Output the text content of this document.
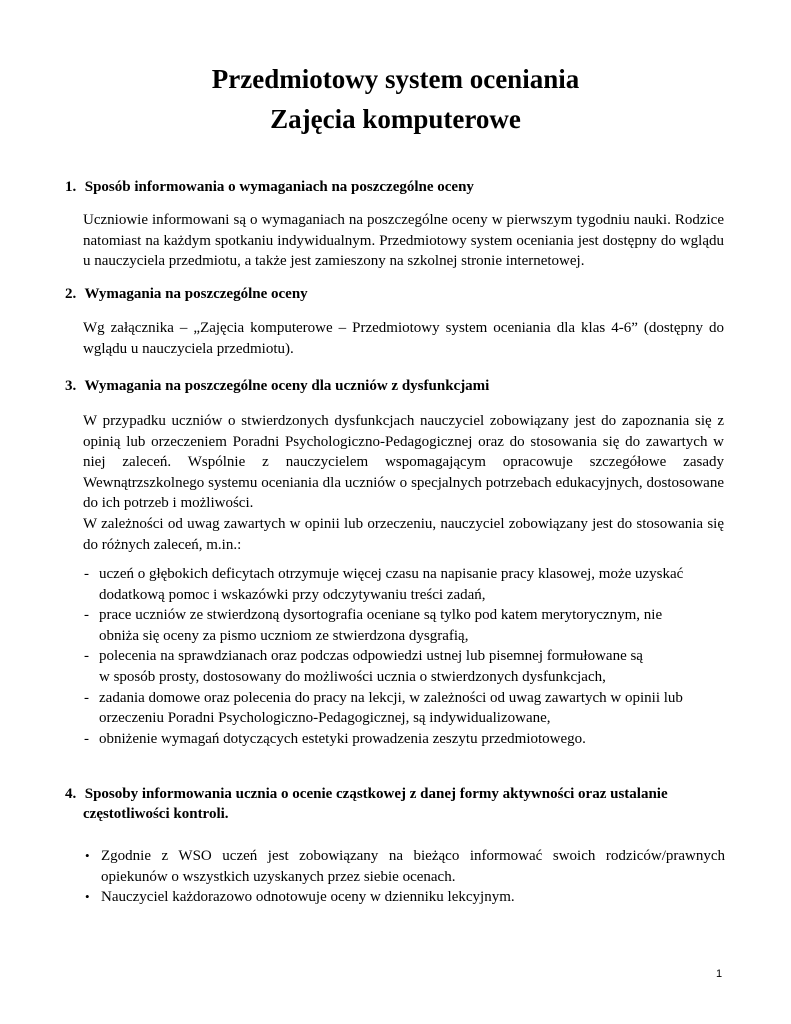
Przedmiotowy system oceniania
Zajęcia komputerowe
1. Sposób informowania o wymaganiach na poszczególne oceny

Uczniowie informowani są o wymaganiach na poszczególne oceny w pierwszym tygodniu nauki. Rodzice natomiast na każdym spotkaniu indywidualnym. Przedmiotowy system oceniania jest dostępny do wglądu u nauczyciela przedmiotu, a także jest zamieszony na szkolnej stronie internetowej.

2. Wymagania na poszczególne oceny

Wg załącznika – „Zajęcia komputerowe – Przedmiotowy system oceniania dla klas 4-6” (dostępny do wglądu u nauczyciela przedmiotu).

3. Wymagania na poszczególne oceny dla uczniów z dysfunkcjami

W przypadku uczniów o stwierdzonych dysfunkcjach nauczyciel zobowiązany jest do zapoznania się z opinią lub orzeczeniem Poradni Psychologiczno-Pedagogicznej oraz do stosowania się do zawartych w niej zaleceń. Wspólnie z nauczycielem wspomagającym opracowuje szczegółowe zasady Wewnątrzszkolnego systemu oceniania dla uczniów o specjalnych potrzebach edukacyjnych, dostosowane do ich potrzeb i możliwości.

W zależności od uwag zawartych w opinii lub orzeczeniu, nauczyciel zobowiązany jest do stosowania się do różnych zaleceń, m.in.:

- uczeń o głębokich deficytach otrzymuje więcej czasu na napisanie pracy klasowej, może uzyskać
dodatkową pomoc i wskazówki przy odczytywaniu treści zadań,
- prace uczniów ze stwierdzoną dysortografia oceniane są tylko pod katem merytorycznym, nie
obniża się oceny za pismo uczniom ze stwierdzona dysgrafią,
- polecenia na sprawdzianach oraz podczas odpowiedzi ustnej lub pisemnej formułowane są
w sposób prosty, dostosowany do możliwości ucznia o stwierdzonych dysfunkcjach,
- zadania domowe oraz polecenia do pracy na lekcji, w zależności od uwag zawartych w opinii lub
orzeczeniu Poradni Psychologiczno-Pedagogicznej, są indywidualizowane,
- obniżenie wymagań dotyczących estetyki prowadzenia zeszytu przedmiotowego.
4. Sposoby informowania ucznia o ocenie cząstkowej z danej formy aktywności oraz ustalanie
częstotliwości kontroli.
• Zgodnie z WSO uczeń jest zobowiązany na bieżąco informować swoich rodziców/prawnych opiekunów o wszystkich uzyskanych przez siebie ocenach.
• Nauczyciel każdorazowo odnotowuje oceny w dzienniku lekcyjnym.
1
